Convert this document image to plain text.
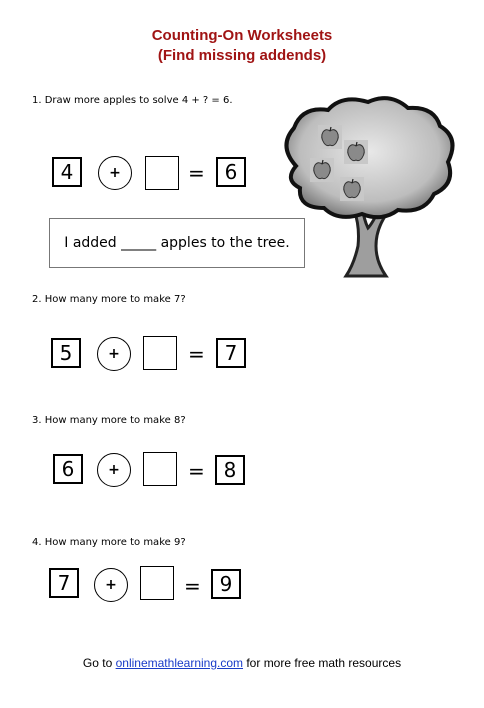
Counting-On Worksheets
(Find missing addends)
1. Draw more apples to solve 4 + ? = 6.
4	+	= 6
I added _____ apples to the tree.
2. How many more to make 7?
5	+	= 7
3. How many more to make 8?
6	+	= 8
4. How many more to make 9?
7	+	= 9
Go to onlinemathlearning.com for more free math resources
